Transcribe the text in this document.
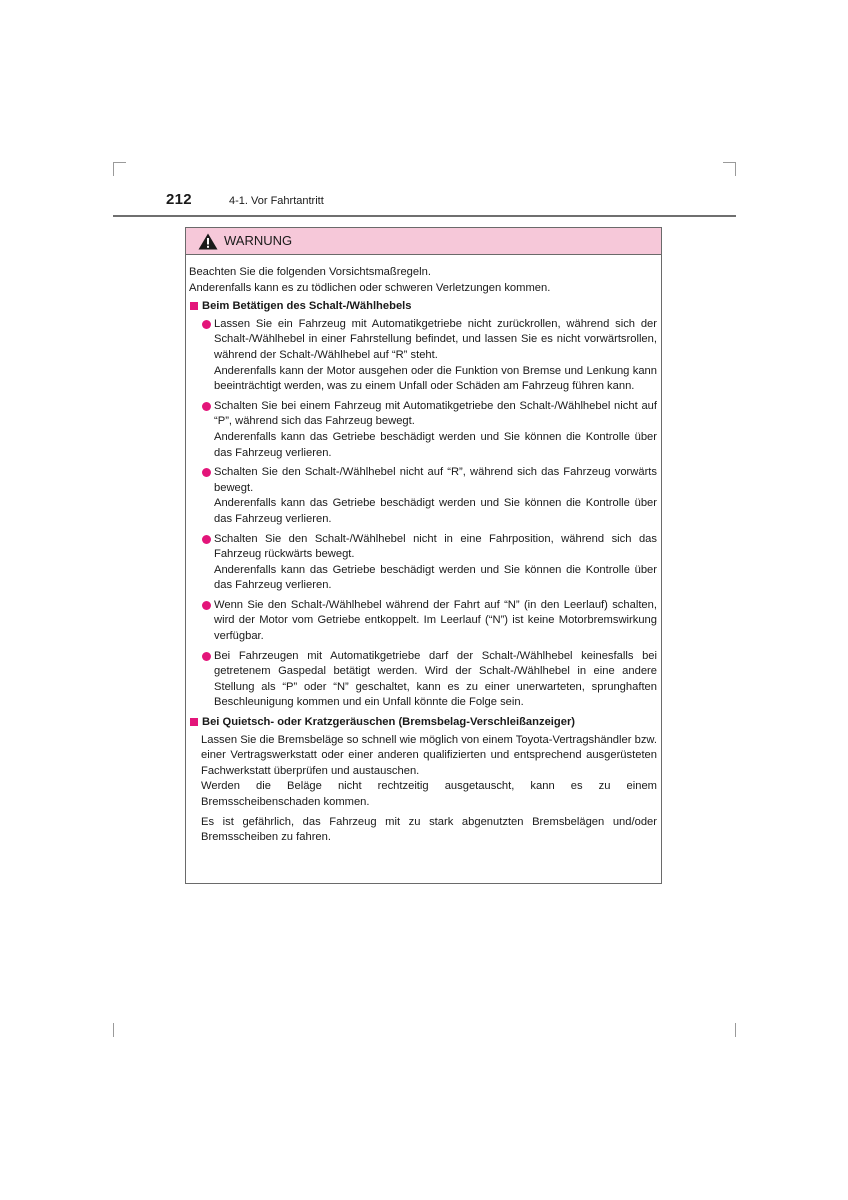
212	4-1. Vor Fahrtantritt
WARNUNG

Beachten Sie die folgenden Vorsichtsmaßregeln.

Anderenfalls kann es zu tödlichen oder schweren Verletzungen kommen.

Beim Betätigen des Schalt-/Wählhebels
Lassen Sie ein Fahrzeug mit Automatikgetriebe nicht zurückrollen, während sich der Schalt-/Wählhebel in einer Fahrstellung befindet, und lassen Sie es nicht vorwärtsrollen, während der Schalt-/Wählhebel auf “R” steht.
Anderenfalls kann der Motor ausgehen oder die Funktion von Bremse und Lenkung kann beeinträchtigt werden, was zu einem Unfall oder Schäden am Fahrzeug führen kann.
Schalten Sie bei einem Fahrzeug mit Automatikgetriebe den Schalt-/Wählhebel nicht auf “P”, während sich das Fahrzeug bewegt.
Anderenfalls kann das Getriebe beschädigt werden und Sie können die Kontrolle über das Fahrzeug verlieren.
Schalten Sie den Schalt-/Wählhebel nicht auf “R”, während sich das Fahrzeug vorwärts bewegt.
Anderenfalls kann das Getriebe beschädigt werden und Sie können die Kontrolle über das Fahrzeug verlieren.
Schalten Sie den Schalt-/Wählhebel nicht in eine Fahrposition, während sich das Fahrzeug rückwärts bewegt.
Anderenfalls kann das Getriebe beschädigt werden und Sie können die Kontrolle über das Fahrzeug verlieren.
Wenn Sie den Schalt-/Wählhebel während der Fahrt auf “N” (in den Leerlauf) schalten, wird der Motor vom Getriebe entkoppelt. Im Leerlauf (“N”) ist keine Motorbremswirkung verfügbar.
Bei Fahrzeugen mit Automatikgetriebe darf der Schalt-/Wählhebel keinesfalls bei getretenem Gaspedal betätigt werden. Wird der Schalt-/Wählhebel in eine andere Stellung als “P” oder “N” geschaltet, kann es zu einer unerwarteten, sprunghaften Beschleunigung kommen und ein Unfall könnte die Folge sein.
Bei Quietsch- oder Kratzgeräuschen (Bremsbelag-Verschleißanzeiger)
Lassen Sie die Bremsbeläge so schnell wie möglich von einem Toyota-Vertragshändler bzw. einer Vertragswerkstatt oder einer anderen qualifizierten und entsprechend ausgerüsteten Fachwerkstatt überprüfen und austauschen.
Werden die Beläge nicht rechtzeitig ausgetauscht, kann es zu einem Bremsscheibenschaden kommen.
Es ist gefährlich, das Fahrzeug mit zu stark abgenutzten Bremsbelägen und/oder Bremsscheiben zu fahren.
